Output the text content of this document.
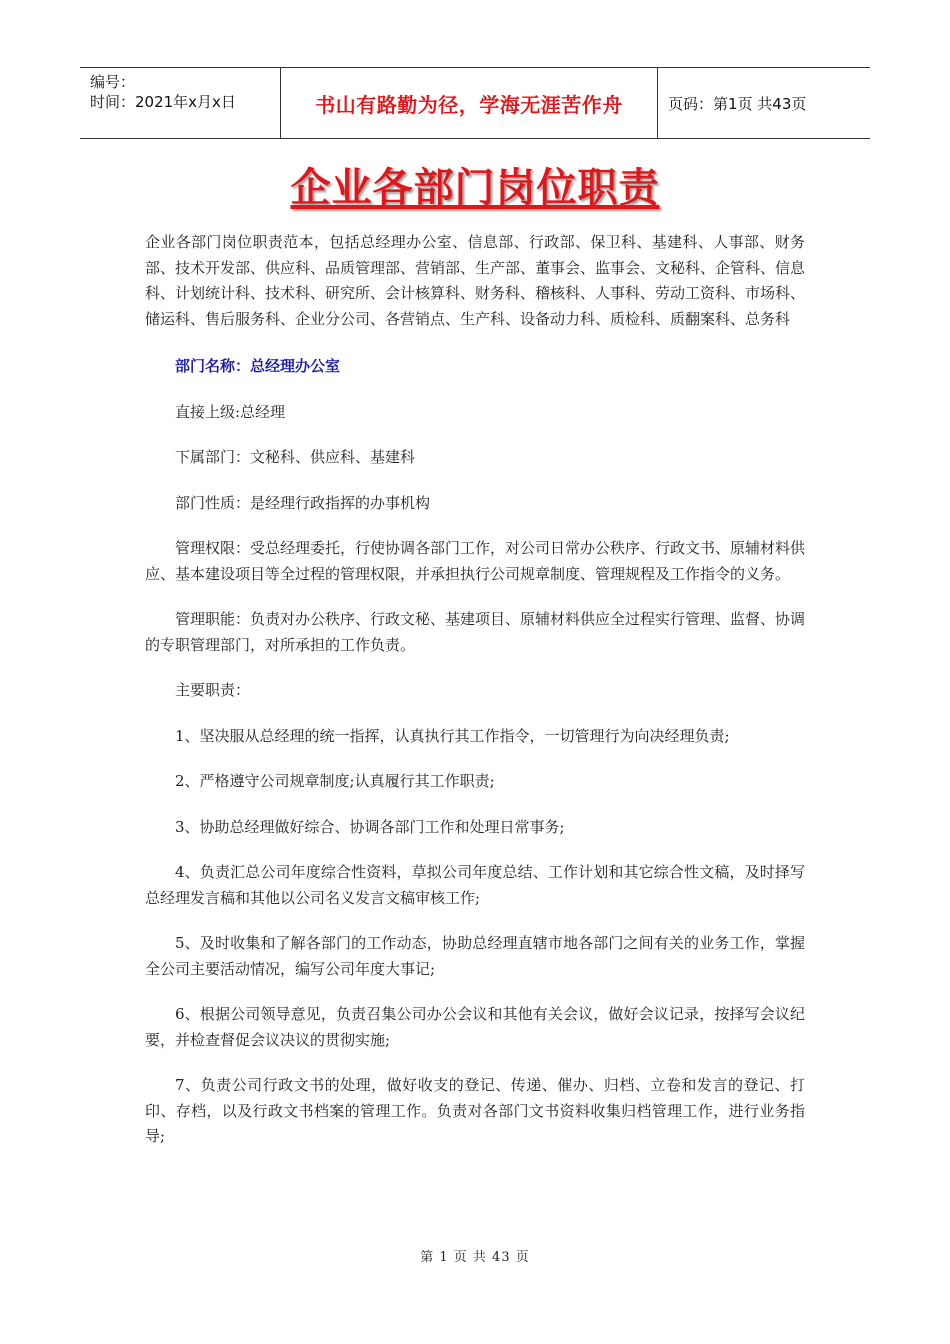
编号：
时间：2021年x月x日	书山有路勤为径，学海无涯苦作舟	页码：第1页 共43页
企业各部门岗位职责

企业各部门岗位职责范本，包括总经理办公室、信息部、行政部、保卫科、基建科、人事部、财务部、技术开发部、供应科、品质管理部、营销部、生产部、董事会、监事会、文秘科、企管科、信息科、计划统计科、技术科、研究所、会计核算科、财务科、稽核科、人事科、劳动工资科、市场科、储运科、售后服务科、企业分公司、各营销点、生产科、设备动力科、质检科、质翻案科、总务科

部门名称：总经理办公室

直接上级:总经理

下属部门：文秘科、供应科、基建科

部门性质：是经理行政指挥的办事机构

管理权限：受总经理委托，行使协调各部门工作，对公司日常办公秩序、行政文书、原辅材料供应、基本建设项目等全过程的管理权限，并承担执行公司规章制度、管理规程及工作指令的义务。

管理职能：负责对办公秩序、行政文秘、基建项目、原辅材料供应全过程实行管理、监督、协调的专职管理部门，对所承担的工作负责。

主要职责：

1、坚决服从总经理的统一指挥，认真执行其工作指令，一切管理行为向决经理负责;

2、严格遵守公司规章制度;认真履行其工作职责;

3、协助总经理做好综合、协调各部门工作和处理日常事务;

4、负责汇总公司年度综合性资料，草拟公司年度总结、工作计划和其它综合性文稿，及时择写总经理发言稿和其他以公司名义发言文稿审核工作;

5、及时收集和了解各部门的工作动态，协助总经理直辖市地各部门之间有关的业务工作，掌握全公司主要活动情况，编写公司年度大事记;

6、根据公司领导意见，负责召集公司办公会议和其他有关会议，做好会议记录，按择写会议纪要，并检查督促会议决议的贯彻实施;

7、负责公司行政文书的处理，做好收支的登记、传递、催办、归档、立卷和发言的登记、打印、存档，以及行政文书档案的管理工作。负责对各部门文书资料收集归档管理工作，进行业务指导;

第 1 页 共 43 页
